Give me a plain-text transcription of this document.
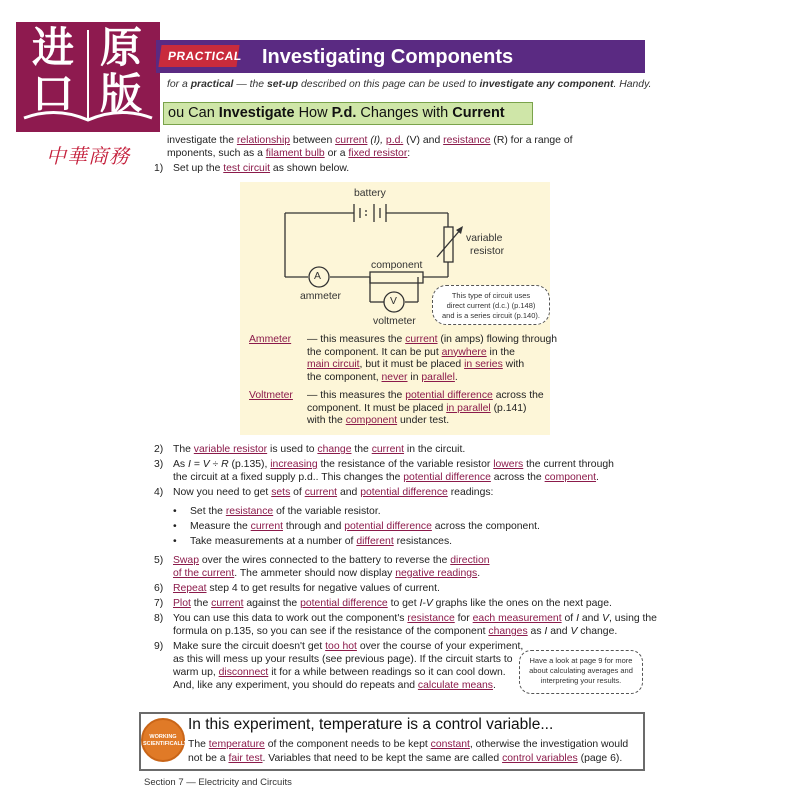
进 原
口 版
中華商務
PRACTICAL Investigating Components
for a practical — the set-up described on this page can be used to investigate any component. Handy.
ou Can Investigate How P.d. Changes with Current
investigate the relationship between current (I), p.d. (V) and resistance (R) for a range of
mponents, such as a filament bulb or a fixed resistor:
1) Set up the test circuit as shown below.
battery
variable
resistor
component
A
ammeter	V
voltmeter
This type of circuit uses
direct current (d.c.) (p.148)
and is a series circuit (p.140).
Ammeter — this measures the current (in amps) flowing through
the component. It can be put anywhere in the
main circuit, but it must be placed in series with
the component, never in parallel.
Voltmeter — this measures the potential difference across the
component. It must be placed in parallel (p.141)
with the component under test.
2) The variable resistor is used to change the current in the circuit.
3) As I = V ÷ R (p.135), increasing the resistance of the variable resistor lowers the current through
the circuit at a fixed supply p.d.. This changes the potential difference across the component.
4) Now you need to get sets of current and potential difference readings:
• Set the resistance of the variable resistor.
• Measure the current through and potential difference across the component.
• Take measurements at a number of different resistances.
5) Swap over the wires connected to the battery to reverse the direction
of the current. The ammeter should now display negative readings.
6) Repeat step 4 to get results for negative values of current.
7) Plot the current against the potential difference to get I-V graphs like the ones on the next page.
8) You can use this data to work out the component's resistance for each measurement of I and V, using the
formula on p.135, so you can see if the resistance of the component changes as I and V change.
9) Make sure the circuit doesn't get too hot over the course of your experiment,
as this will mess up your results (see previous page). If the circuit starts to
warm up, disconnect it for a while between readings so it can cool down.
And, like any experiment, you should do repeats and calculate means.
Have a look at page 9 for more
about calculating averages and
interpreting your results.
WORKING
SCIENTIFICALLY
In this experiment, temperature is a control variable...
The temperature of the component needs to be kept constant, otherwise the investigation would
not be a fair test. Variables that need to be kept the same are called control variables (page 6).
Section 7 — Electricity and Circuits
